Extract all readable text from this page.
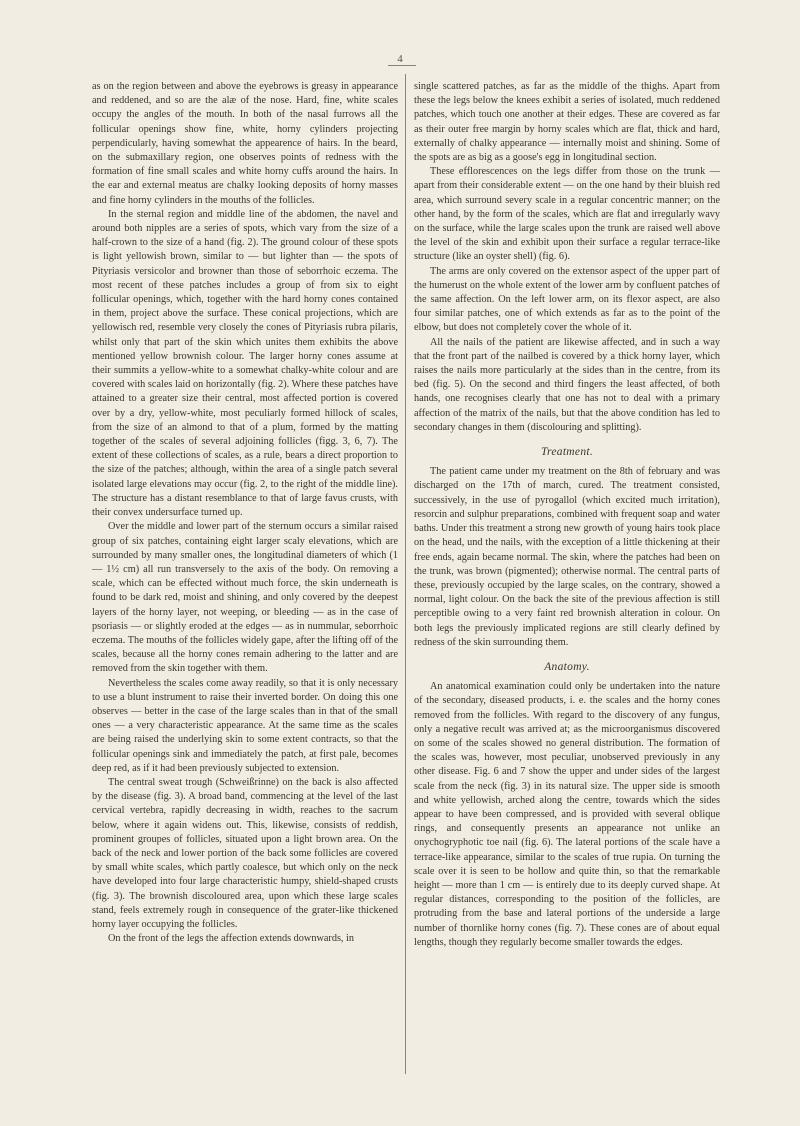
4

as on the region between and above the eyebrows is greasy in appearance and reddened, and so are the alæ of the nose. Hard, fine, white scales occupy the angles of the mouth. In both of the nasal furrows all the follicular openings show fine, white, horny cylinders projecting perpendicularly, having somewhat the appearence of hairs. In the beard, on the submaxillary region, one observes points of redness with the formation of fine small scales and white horny cuffs around the hairs. In the ear and external meatus are chalky looking deposits of horny masses and fine horny cylinders in the mouths of the follicles.

In the sternal region and middle line of the abdomen, the navel and around both nipples are a series of spots, which vary from the size of a half-crown to the size of a hand (fig. 2). The ground colour of these spots is light yellowish brown, similar to — but lighter than — the spots of Pityriasis versicolor and browner than those of seborrhoic eczema. The most recent of these patches includes a group of from six to eight follicular openings, which, together with the hard horny cones contained in them, project above the surface. These conical projections, which are yellowisch red, resemble very closely the cones of Pityriasis rubra pilaris, whilst only that part of the skin which unites them exhibits the above mentioned yellow brownish colour. The larger horny cones assume at their summits a yellow-white to a somewhat chalky-white colour and are covered with scales laid on horizontally (fig. 2). Where these patches have attained to a greater size their central, most affected portion is covered over by a dry, yellow-white, most peculiarly formed hillock of scales, from the size of an almond to that of a plum, formed by the matting together of the scales of several adjoining follicles (figg. 3, 6, 7). The extent of these collections of scales, as a rule, bears a direct proportion to the size of the patches; although, within the area of a single patch several isolated large elevations may occur (fig. 2, to the right of the middle line). The structure has a distant resemblance to that of large favus crusts, with their convex undersurface turned up.

Over the middle and lower part of the sternum occurs a similar raised group of six patches, containing eight larger scaly elevations, which are surrounded by many smaller ones, the longitudinal diameters of which (1 — 1½ cm) all run transversely to the axis of the body. On removing a scale, which can be effected without much force, the skin underneath is found to be dark red, moist and shining, and only covered by the deepest layers of the horny layer, not weeping, or bleeding — as in the case of psoriasis — or slightly eroded at the edges — as in nummular, seborrhoic eczema. The mouths of the follicles widely gape, after the lifting off of the scales, because all the horny cones remain adhering to the latter and are removed from the skin together with them.

Nevertheless the scales come away readily, so that it is only necessary to use a blunt instrument to raise their inverted border. On doing this one observes — better in the case of the large scales than in that of the small ones — a very characteristic appearance. At the same time as the scales are being raised the underlying skin to some extent contracts, so that the follicular openings sink and immediately the patch, at first pale, becomes deep red, as if it had been previously subjected to extension.

The central sweat trough (Schweißrinne) on the back is also affected by the disease (fig. 3). A broad band, commencing at the level of the last cervical vertebra, rapidly decreasing in width, reaches to the sacrum below, where it again widens out. This, likewise, consists of reddish, prominent groupes of follicles, situated upon a light brown area. On the back of the neck and lower portion of the back some follicles are covered by small white scales, which partly coalesce, but which only on the neck have developed into four large characteristic humpy, shield-shaped crusts (fig. 3). The brownish discoloured area, upon which these large scales stand, feels extremely rough in consequence of the grater-like thickened horny layer occupying the follicles.

On the front of the legs the affection extends downwards, in

single scattered patches, as far as the middle of the thighs. Apart from these the legs below the knees exhibit a series of isolated, much reddened patches, which touch one another at their edges. These are covered as far as their outer free margin by horny scales which are flat, thick and hard, externally of chalky appearance — internally moist and shining. Some of the spots are as big as a goose's egg in longitudinal section.

These efflorescences on the legs differ from those on the trunk — apart from their considerable extent — on the one hand by their bluish red area, which surround severy scale in a regular concentric manner; on the other hand, by the form of the scales, which are flat and irregularly wavy on the surface, while the large scales upon the trunk are raised well above the level of the skin and exhibit upon their surface a regular terrace-like structure (like an oyster shell) (fig. 6).

The arms are only covered on the extensor aspect of the upper part of the humerust on the whole extent of the lower arm by confluent patches of the same affection. On the left lower arm, on its flexor aspect, are also four similar patches, one of which extends as far as to the point of the elbow, but does not completely cover the whole of it.

All the nails of the patient are likewise affected, and in such a way that the front part of the nailbed is covered by a thick horny layer, which raises the nails more particularly at the sides than in the centre, from its bed (fig. 5). On the second and third fingers the least affected, of both hands, one recognises clearly that one has not to deal with a primary affection of the matrix of the nails, but that the above condition has led to secondary changes in them (discolouring and splitting).

Treatment.

The patient came under my treatment on the 8th of february and was discharged on the 17th of march, cured. The treatment consisted, successively, in the use of pyrogallol (which excited much irritation), resorcin and sulphur preparations, combined with frequent soap and water baths. Under this treatment a strong new growth of young hairs took place on the head, und the nails, with the exception of a little thickening at their free ends, again became normal. The skin, where the patches had been on the trunk, was brown (pigmented); otherwise normal. The central parts of these, previously occupied by the large scales, on the contrary, showed a normal, light colour. On the back the site of the previous affection is still perceptible owing to a very faint red brownish alteration in colour. On both legs the previously implicated regions are still clearly defined by redness of the skin surrounding them.

Anatomy.

An anatomical examination could only be undertaken into the nature of the secondary, diseased products, i. e. the scales and the horny cones removed from the follicles. With regard to the discovery of any fungus, only a negative recult was arrived at; as the microorganismus discovered on some of the scales showed no general distribution. The formation of the scales was, however, most peculiar, unobserved previously in any other disease. Fig. 6 and 7 show the upper and under sides of the largest scale from the neck (fig. 3) in its natural size. The upper side is smooth and white yellowish, arched along the centre, towards which the sides appear to have been compressed, and is provided with several oblique rings, and consequently presents an appearance not unlike an onychogryphotic toe nail (fig. 6). The lateral portions of the scale have a terrace-like appearance, similar to the scales of true rupia. On turning the scale over it is seen to be hollow and quite thin, so that the remarkable height — more than 1 cm — is entirely due to its deeply curved shape. At regular distances, corresponding to the position of the follicles, are protruding from the base and lateral portions of the underside a large number of thornlike horny cones (fig. 7). These cones are of about equal lengths, though they regularly become smaller towards the edges.
